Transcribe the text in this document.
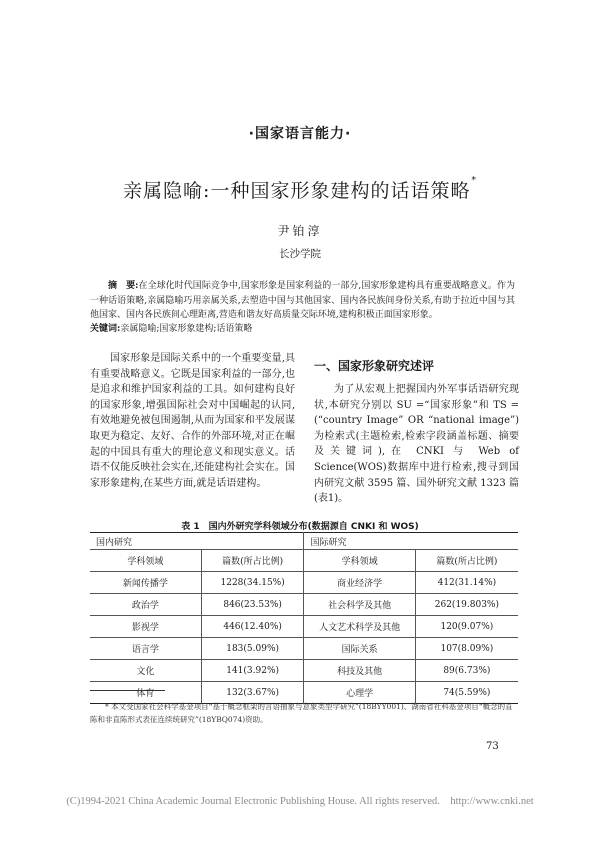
·国家语言能力·
亲属隐喻:一种国家形象建构的话语策略*
尹铂淳
长沙学院
摘　要:在全球化时代国际竞争中,国家形象是国家利益的一部分,国家形象建构具有重要战略意义。作为一种话语策略,亲属隐喻巧用亲属关系,去塑造中国与其他国家、国内各民族间身份关系,有助于拉近中国与其他国家、国内各民族间心理距离,营造和谐友好高质量交际环境,建构积极正面国家形象。
关键词:亲属隐喻;国家形象建构;话语策略

国家形象是国际关系中的一个重要变量,具有重要战略意义。它既是国家利益的一部分,也是追求和维护国家利益的工具。如何建构良好的国家形象,增强国际社会对中国崛起的认同,有效地避免被包围遏制,从而为国家和平发展谋取更为稳定、友好、合作的外部环境,对正在崛起的中国具有重大的理论意义和现实意义。话语不仅能反映社会实在,还能建构社会实在。国家形象建构,在某些方面,就是话语建构。

一、国家形象研究述评

为了从宏观上把握国内外军事话语研究现状,本研究分别以 SU =“国家形象”和 TS =(“country Image” OR “national image”)为检索式(主题检索,检索字段涵盖标题、摘要及关键词),在 CNKI 与 Web of Science(WOS)数据库中进行检索,搜寻到国内研究文献 3595 篇、国外研究文献 1323 篇(表1)。

表 1　国内外研究学科领域分布(数据源自 CNKI 和 WOS)
国内研究		国际研究	
学科领域	篇数(所占比例)	学科领域	篇数(所占比例)
新闻传播学	1228(34.15%)	商业经济学	412(31.14%)
政治学	846(23.53%)	社会科学及其他	262(19.803%)
影视学	446(12.40%)	人文艺术科学及其他	120(9.07%)
语言学	183(5.09%)	国际关系	107(8.09%)
文化	141(3.92%)	科技及其他	89(6.73%)
体育	132(3.67%)	心理学	74(5.59%)
* 本文受国家社会科学基金项目“基于概念框架的言语抽象与意象类型学研究”(18BYY001)、湖南省社科基金项目“概念的直陈和非直陈形式表征连续统研究”(18YBQ074)资助。
73
(C)1994-2021 China Academic Journal Electronic Publishing House. All rights reserved.　http://www.cnki.net
